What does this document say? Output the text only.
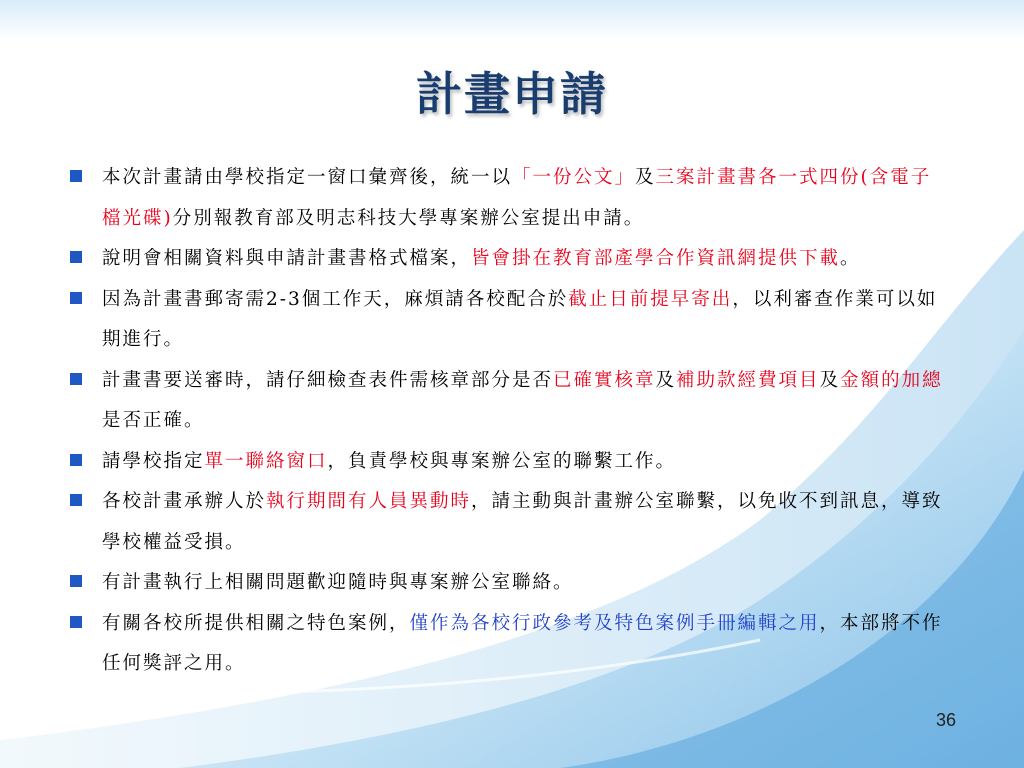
計畫申請
本次計畫請由學校指定一窗口彙齊後，統一以「一份公文」及三案計畫書各一式四份(含電子檔光碟)分別報教育部及明志科技大學專案辦公室提出申請。
說明會相關資料與申請計畫書格式檔案，皆會掛在教育部產學合作資訊網提供下載。
因為計畫書郵寄需2-3個工作天，麻煩請各校配合於截止日前提早寄出，以利審查作業可以如期進行。
計畫書要送審時，請仔細檢查表件需核章部分是否已確實核章及補助款經費項目及金額的加總是否正確。
請學校指定單一聯絡窗口，負責學校與專案辦公室的聯繫工作。
各校計畫承辦人於執行期間有人員異動時，請主動與計畫辦公室聯繫，以免收不到訊息，導致學校權益受損。
有計畫執行上相關問題歡迎隨時與專案辦公室聯絡。
有關各校所提供相關之特色案例，僅作為各校行政參考及特色案例手冊編輯之用，本部將不作任何獎評之用。
36
